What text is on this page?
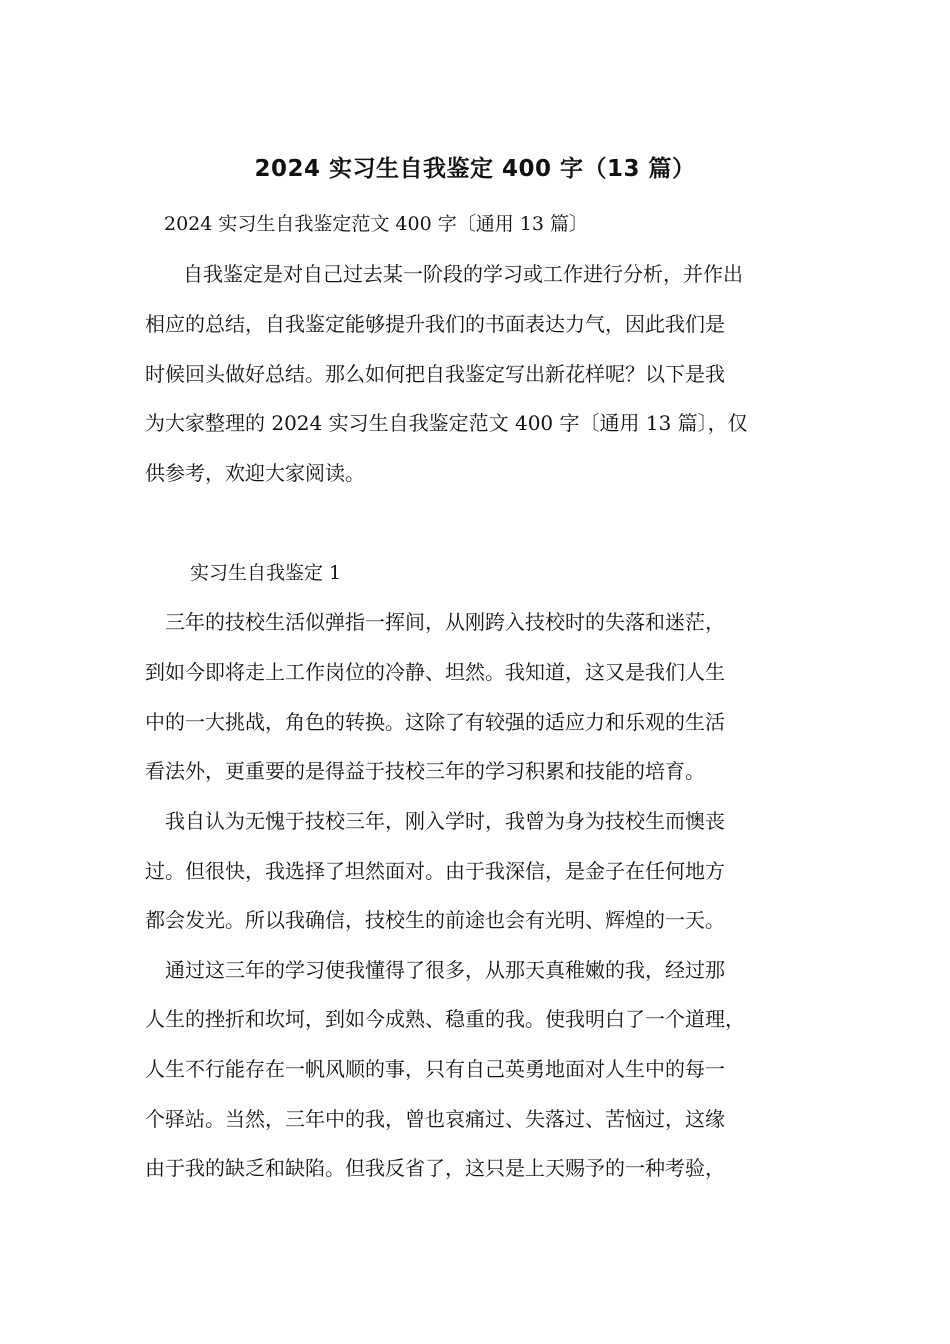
2024 实习生自我鉴定 400 字（13 篇）
2024 实习生自我鉴定范文 400 字〔通用 13 篇〕
自我鉴定是对自己过去某一阶段的学习或工作进行分析，并作出
相应的总结，自我鉴定能够提升我们的书面表达力气，因此我们是
时候回头做好总结。那么如何把自我鉴定写出新花样呢？以下是我
为大家整理的 2024 实习生自我鉴定范文 400 字〔通用 13 篇〕，仅
供参考，欢迎大家阅读。
实习生自我鉴定 1
三年的技校生活似弹指一挥间，从刚跨入技校时的失落和迷茫，
到如今即将走上工作岗位的冷静、坦然。我知道，这又是我们人生
中的一大挑战，角色的转换。这除了有较强的适应力和乐观的生活
看法外，更重要的是得益于技校三年的学习积累和技能的培育。
我自认为无愧于技校三年，刚入学时，我曾为身为技校生而懊丧
过。但很快，我选择了坦然面对。由于我深信，是金子在任何地方
都会发光。所以我确信，技校生的前途也会有光明、辉煌的一天。
通过这三年的学习使我懂得了很多，从那天真稚嫩的我，经过那
人生的挫折和坎坷，到如今成熟、稳重的我。使我明白了一个道理，
人生不行能存在一帆风顺的事，只有自己英勇地面对人生中的每一
个驿站。当然，三年中的我，曾也哀痛过、失落过、苦恼过，这缘
由于我的缺乏和缺陷。但我反省了，这只是上天赐予的一种考验，
